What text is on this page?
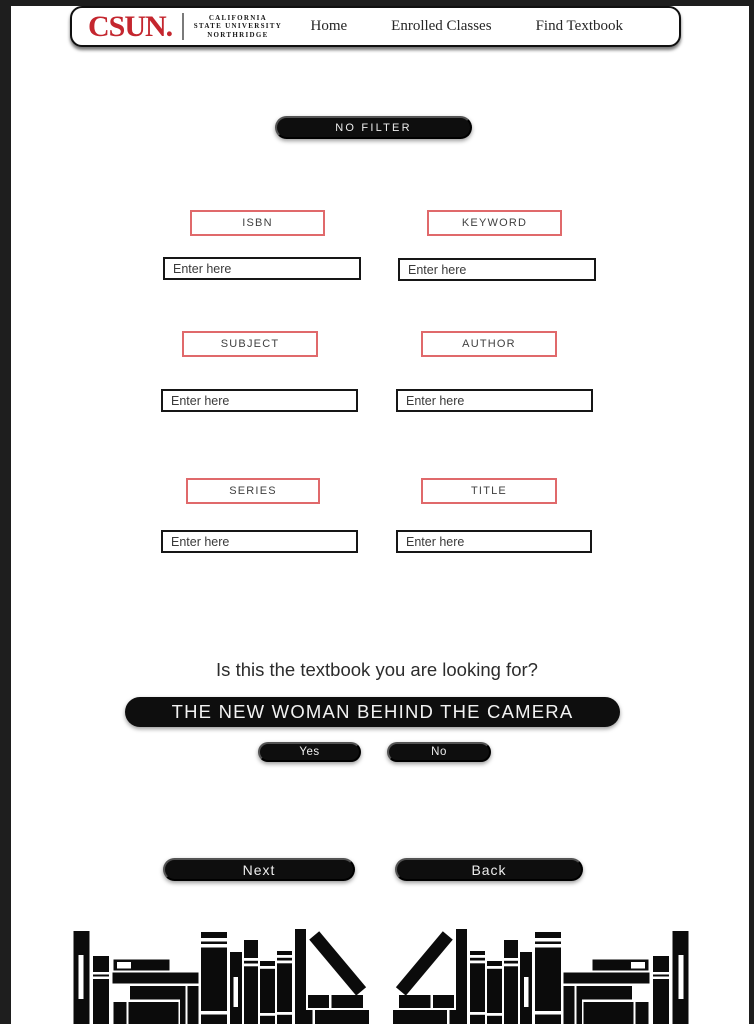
CSUN.	CALIFORNIA
STATE UNIVERSITY
NORTHRIDGE
Home	Enrolled Classes	Find Textbook
NO FILTER
ISBN	KEYWORD
SUBJECT	AUTHOR
SERIES	TITLE
Enter here
Enter here
Enter here
Enter here
Enter here
Enter here
Is this the textbook you are looking for?
THE NEW WOMAN BEHIND THE CAMERA
Yes	No
Next	Back
